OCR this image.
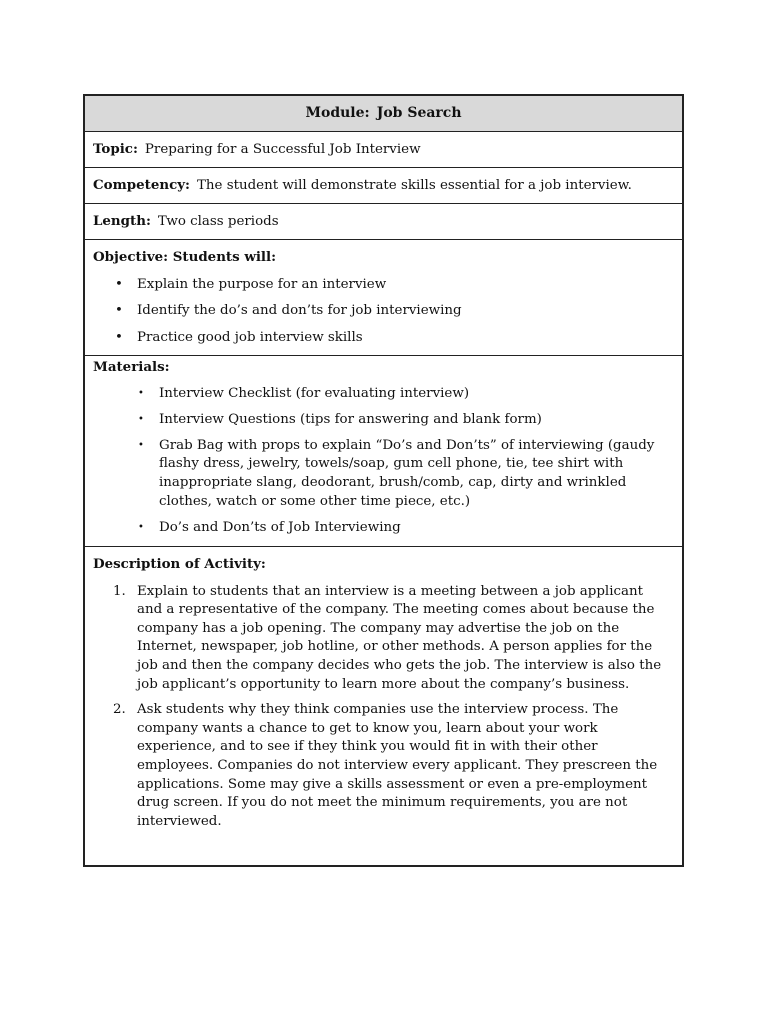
Module: Job Search
Topic: Preparing for a Successful Job Interview
Competency: The student will demonstrate skills essential for a job interview.
Length: Two class periods
Objective: Students will:
• Explain the purpose for an interview
• Identify the do’s and don’ts for job interviewing
• Practice good job interview skills
Materials:
• Interview Checklist (for evaluating interview)
• Interview Questions (tips for answering and blank form)
• Grab Bag with props to explain “Do’s and Don’ts” of interviewing (gaudy flashy dress, jewelry, towels/soap, gum cell phone, tie, tee shirt with inappropriate slang, deodorant, brush/comb, cap, dirty and wrinkled clothes, watch or some other time piece, etc.)
• Do’s and Don’ts of Job Interviewing
Description of Activity:
1. Explain to students that an interview is a meeting between a job applicant and a representative of the company. The meeting comes about because the company has a job opening. The company may advertise the job on the Internet, newspaper, job hotline, or other methods. A person applies for the job and then the company decides who gets the job. The interview is also the job applicant’s opportunity to learn more about the company’s business.
2. Ask students why they think companies use the interview process. The company wants a chance to get to know you, learn about your work experience, and to see if they think you would fit in with their other employees. Companies do not interview every applicant. They prescreen the applications. Some may give a skills assessment or even a pre-employment drug screen. If you do not meet the minimum requirements, you are not interviewed.
